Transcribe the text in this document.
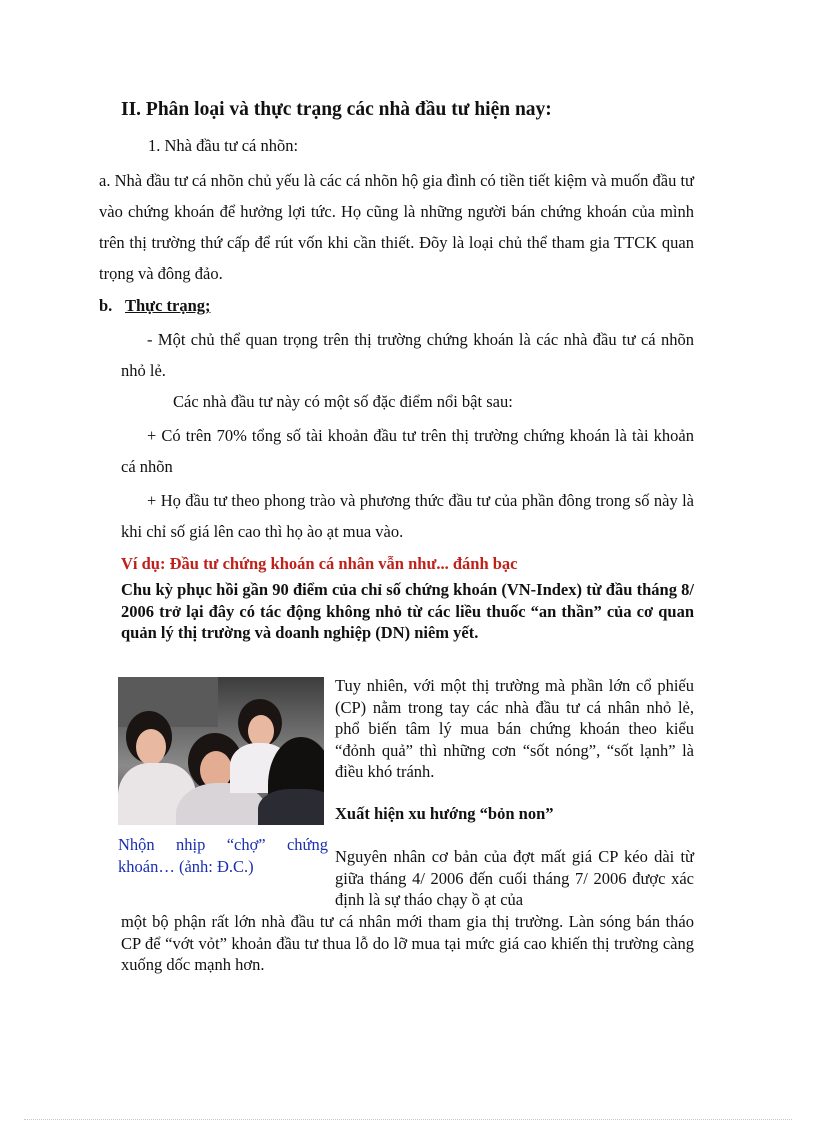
II. Phân loại và thực trạng các nhà đầu tư hiện nay:
1. Nhà đầu tư cá nhõn:
a. Nhà đầu tư cá nhõn chủ yếu là các cá nhõn hộ gia đình có tiền tiết kiệm và muốn đầu tư vào chứng khoán để hưởng lợi tức. Họ cũng là những người bán chứng khoán của mình trên thị trường thứ cấp để rút vốn khi cần thiết. Đõy là loại chủ thể tham gia TTCK quan trọng và đông đảo.
b. Thực trạng;
- Một chủ thể quan trọng trên thị trường chứng khoán là các nhà đầu tư cá nhõn nhỏ lẻ.
Các nhà đầu tư này có một số đặc điểm nổi bật sau:
+ Có trên 70% tổng số tài khoản đầu tư trên thị trường chứng khoán là tài khoản cá nhõn
+ Họ đầu tư theo phong trào và phương thức đầu tư của phần đông trong số này là khi chỉ số giá lên cao thì họ ào ạt mua vào.
Ví dụ: Đầu tư chứng khoán cá nhân vẫn như... đánh bạc
Chu kỳ phục hồi gần 90 điểm của chỉ số chứng khoán (VN-Index) từ đầu tháng 8/ 2006 trở lại đây có tác động không nhỏ từ các liều thuốc “an thần” của cơ quan quản lý thị trường và doanh nghiệp (DN) niêm yết.
Nhộn nhịp “chợ” chứng khoán… (ảnh: Đ.C.)
Tuy nhiên, với một thị trường mà phần lớn cổ phiếu (CP) nằm trong tay các nhà đầu tư cá nhân nhỏ lẻ, phổ biến tâm lý mua bán chứng khoán theo kiểu “đỏnh quả” thì những cơn “sốt nóng”, “sốt lạnh” là điều khó tránh.
Xuất hiện xu hướng “bỏn non”
Nguyên nhân cơ bản của đợt mất giá CP kéo dài từ giữa tháng 4/ 2006 đến cuối tháng 7/ 2006 được xác định là sự tháo chạy ồ ạt của
một bộ phận rất lớn nhà đầu tư cá nhân mới tham gia thị trường. Làn sóng bán tháo CP để “vớt vỏt” khoản đầu tư thua lỗ do lỡ mua tại mức giá cao khiến thị trường càng xuống dốc mạnh hơn.
